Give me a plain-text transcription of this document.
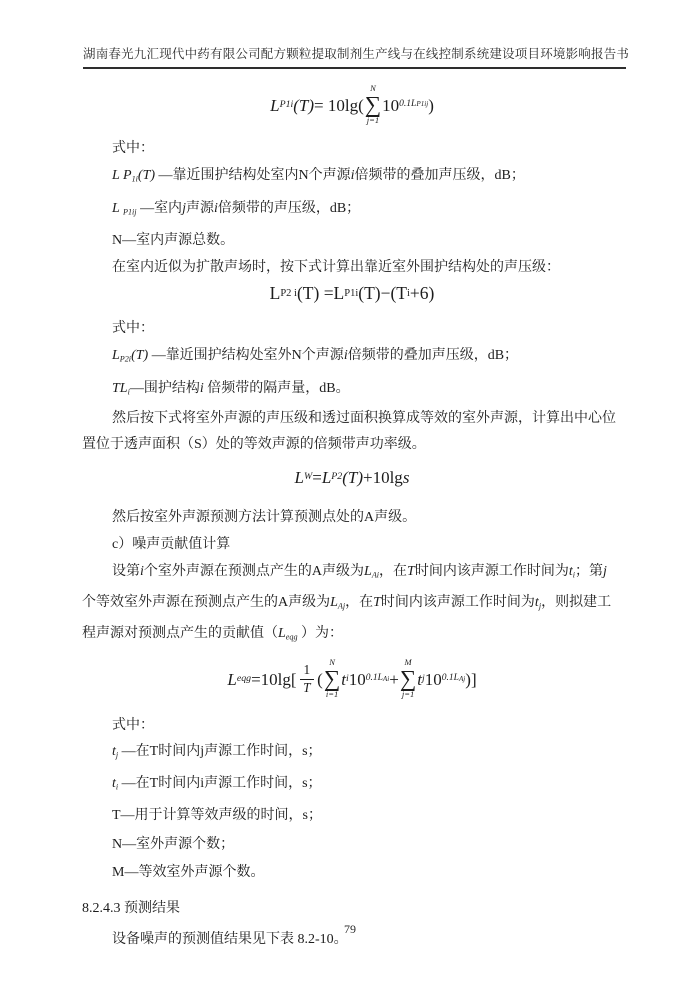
湖南春光九汇现代中药有限公司配方颗粒提取制剂生产线与在线控制系统建设项目环境影响报告书
L P1i (T) = 10lg(
N
∑
j=1
10 0.1L P1ij )
式中：
L P1i(T) —靠近围护结构处室内N个声源i倍频带的叠加声压级，dB；
L P1ij —室内j声源i倍频带的声压级，dB；
N—室内声源总数。
在室内近似为扩散声场时，按下式计算出靠近室外围护结构处的声压级：
L P2 i (T) =L P1i (T)−(T i +6)
式中：
LP2i(T) —靠近围护结构处室外N个声源i倍频带的叠加声压级，dB；
TLi—围护结构i 倍频带的隔声量，dB。
然后按下式将室外声源的声压级和透过面积换算成等效的室外声源，计算出中心位
置位于透声面积（S）处的等效声源的倍频带声功率级。
L W = L P2 (T) +10lg s
然后按室外声源预测方法计算预测点处的A声级。
c）噪声贡献值计算
设第i个室外声源在预测点产生的A声级为LAi，在T时间内该声源工作时间为ti；第j
个等效室外声源在预测点产生的A声级为LAj，在T时间内该声源工作时间为tj，则拟建工
程声源对预测点产生的贡献值（Leqg ）为：
L eqg $=10\lg[ \frac{1}{T}$ (
N
∑
i=1
t i 10 0.1L Ai +
M
∑
j=1
t j 10 0.1L Aj )]
式中：
tj —在T时间内j声源工作时间，s；
ti —在T时间内i声源工作时间，s；
T—用于计算等效声级的时间，s；
N—室外声源个数；
M—等效室外声源个数。
8.2.4.3 预测结果
设备噪声的预测值结果见下表 8.2-10。
79
